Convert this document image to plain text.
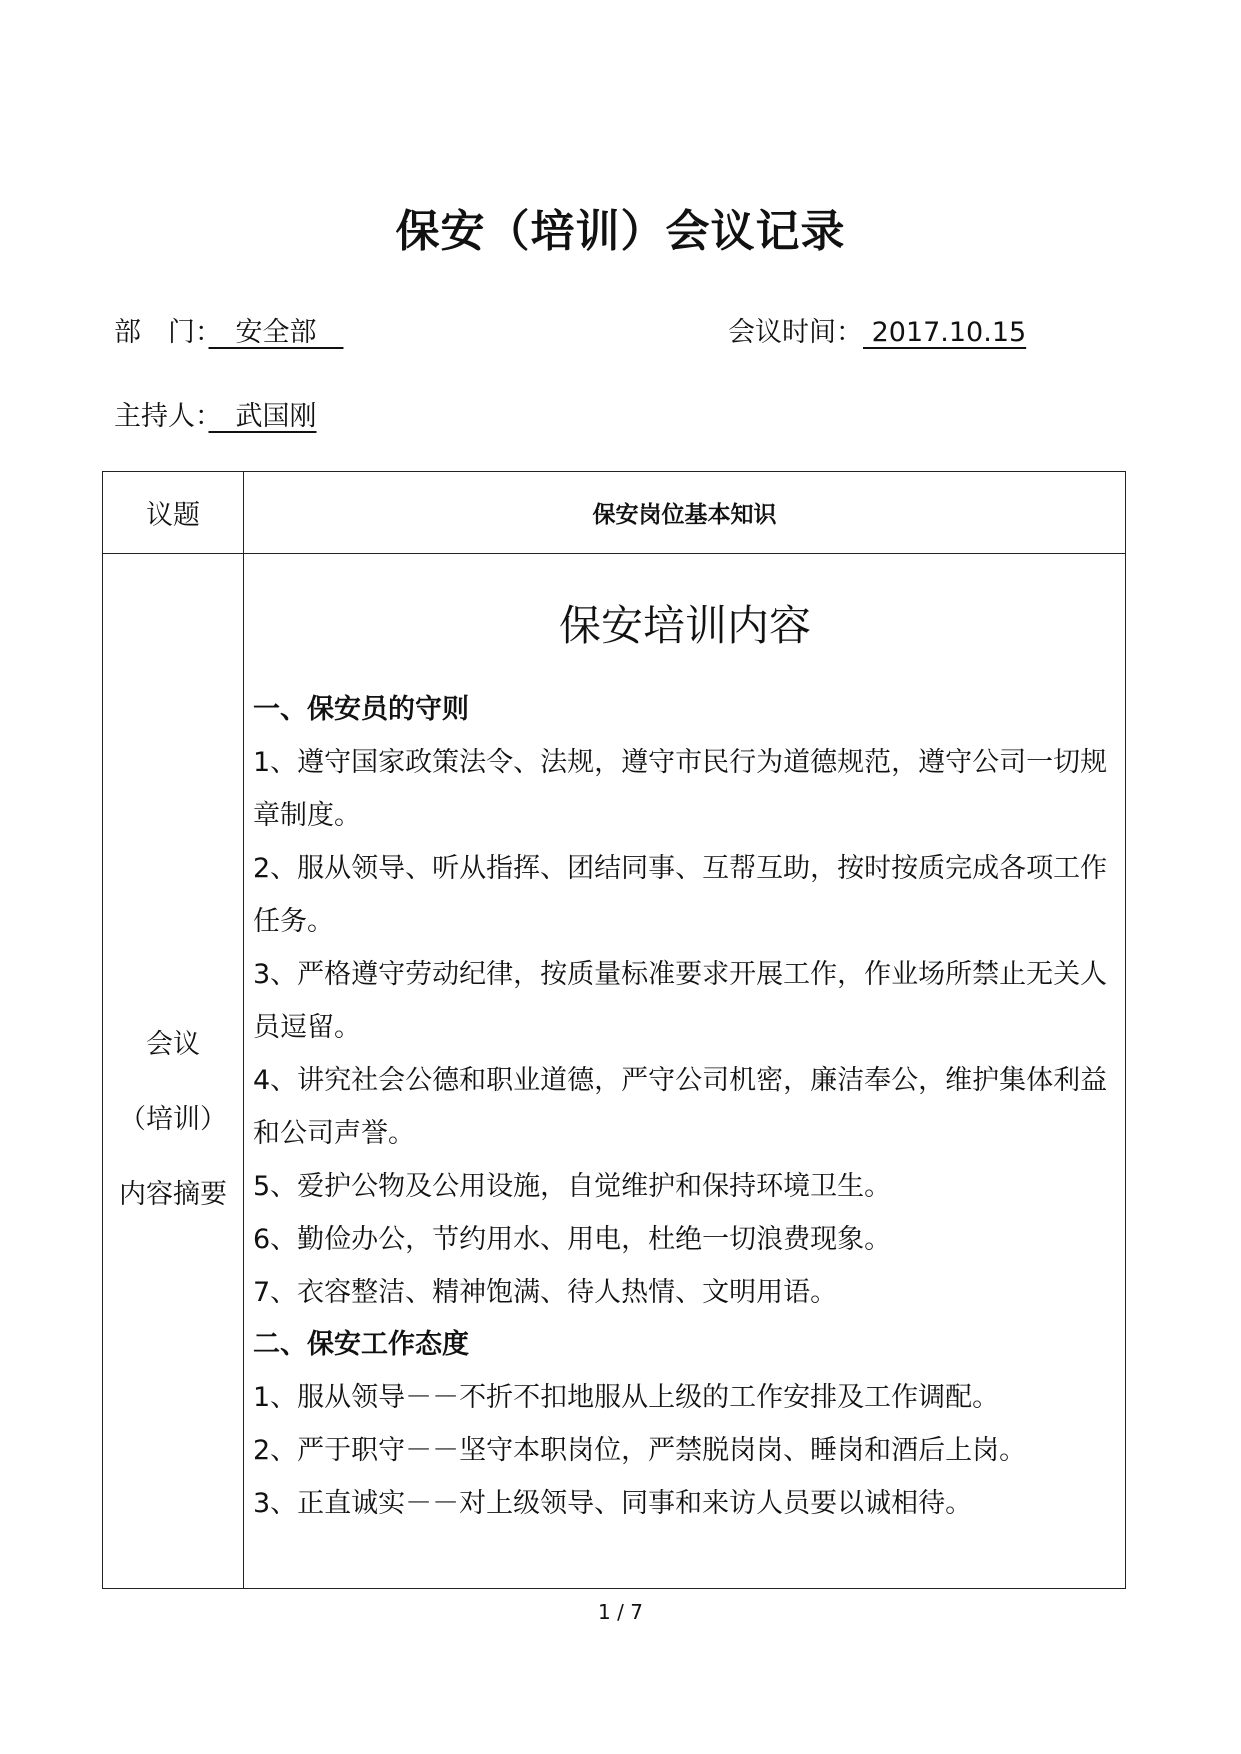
保安（培训）会议记录
部　门：　安全部　	会议时间： 2017.10.15
主持人：　武国刚
议题	保安岗位基本知识
会议
（培训）
内容摘要
保安培训内容
一、保安员的守则
1、遵守国家政策法令、法规，遵守市民行为道德规范，遵守公司一切规章制度。
2、服从领导、听从指挥、团结同事、互帮互助，按时按质完成各项工作任务。
3、严格遵守劳动纪律，按质量标准要求开展工作，作业场所禁止无关人员逗留。
4、讲究社会公德和职业道德，严守公司机密，廉洁奉公，维护集体利益和公司声誉。
5、爱护公物及公用设施，自觉维护和保持环境卫生。
6、勤俭办公，节约用水、用电，杜绝一切浪费现象。
7、衣容整洁、精神饱满、待人热情、文明用语。
二、保安工作态度
1、服从领导－－不折不扣地服从上级的工作安排及工作调配。
2、严于职守－－坚守本职岗位，严禁脱岗岗、睡岗和酒后上岗。
3、正直诚实－－对上级领导、同事和来访人员要以诚相待。
1 / 7
